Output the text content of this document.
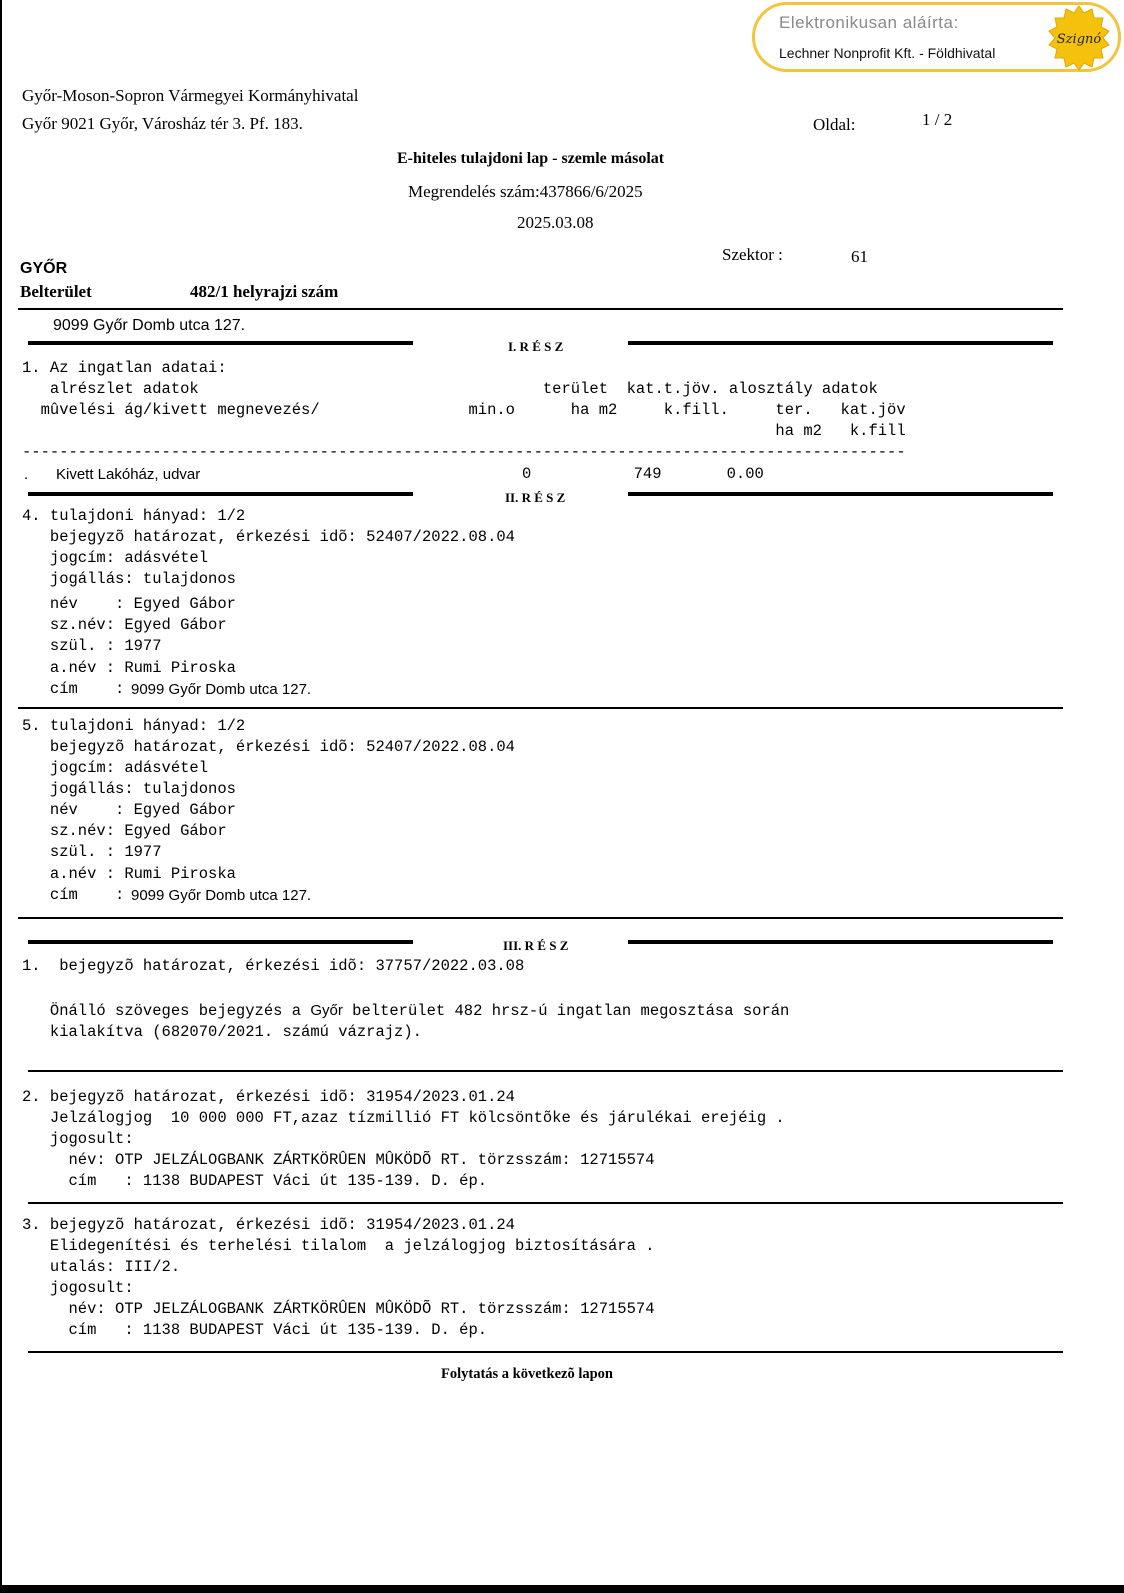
Elektronikusan aláírta:
Lechner Nonprofit Kft. - Földhivatal
Szignó
Győr-Moson-Sopron Vármegyei Kormányhivatal
Győr 9021 Győr, Városház tér 3. Pf. 183.	Oldal:	1 / 2
E-hiteles tulajdoni lap - szemle másolat
Megrendelés szám:437866/6/2025
2025.03.08
Szektor :	61
GYŐR
Belterület	482/1 helyrajzi szám
9099 Győr Domb utca 127.
I. R É S Z
1. Az ingatlan adatai:
alrészlet adatok                                     terület  kat.t.jöv. alosztály adatok
mûvelési ág/kivett megnevezés/                min.o      ha m2     k.fill.     ter.   kat.jöv
ha m2   k.fill
-----------------------------------------------------------------------------------------------
. Kivett Lakóház, udvar	0           749       0.00
II. R É S Z
4. tulajdoni hányad: 1/2
bejegyzõ határozat, érkezési idõ: 52407/2022.08.04
jogcím: adásvétel
jogállás: tulajdonos
név    : Egyed Gábor
sz.név: Egyed Gábor
szül. : 1977
a.név : Rumi Piroska
cím    : 9099 Győr Domb utca 127.
5. tulajdoni hányad: 1/2
bejegyzõ határozat, érkezési idõ: 52407/2022.08.04
jogcím: adásvétel
jogállás: tulajdonos
név    : Egyed Gábor
sz.név: Egyed Gábor
szül. : 1977
a.név : Rumi Piroska
cím    : 9099 Győr Domb utca 127.
III. R É S Z
1.  bejegyzõ határozat, érkezési idõ: 37757/2022.03.08
Önálló szöveges bejegyzés a Győr belterület 482 hrsz-ú ingatlan megosztása során
kialakítva (682070/2021. számú vázrajz).
2. bejegyzõ határozat, érkezési idõ: 31954/2023.01.24
Jelzálogjog  10 000 000 FT,azaz tízmillió FT kölcsöntõke és járulékai erejéig .
jogosult:
név: OTP JELZÁLOGBANK ZÁRTKÖRÛEN MÛKÖDÕ RT. törzsszám: 12715574
cím   : 1138 BUDAPEST Váci út 135-139. D. ép.
3. bejegyzõ határozat, érkezési idõ: 31954/2023.01.24
Elidegenítési és terhelési tilalom  a jelzálogjog biztosítására .
utalás: III/2.
jogosult:
név: OTP JELZÁLOGBANK ZÁRTKÖRÛEN MÛKÖDÕ RT. törzsszám: 12715574
cím   : 1138 BUDAPEST Váci út 135-139. D. ép.
Folytatás a következõ lapon
